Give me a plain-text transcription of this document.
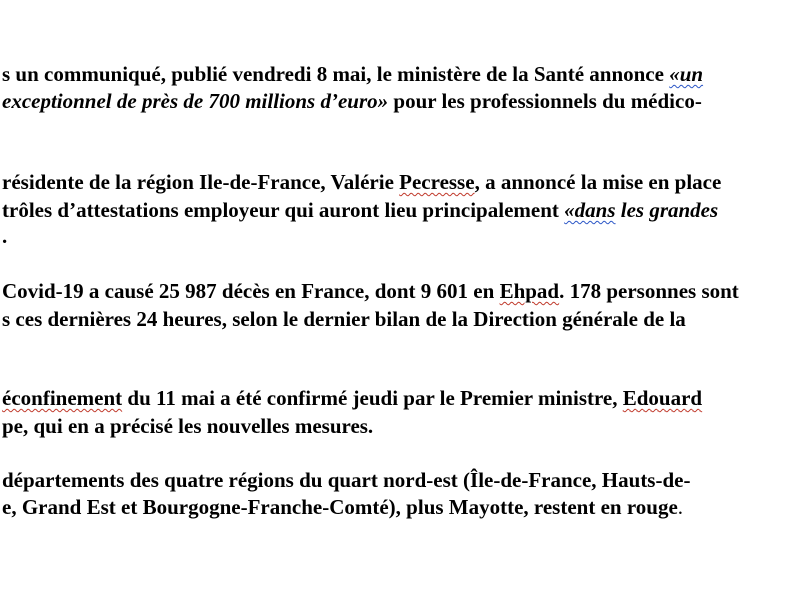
s un communiqué, publié vendredi 8 mai, le ministère de la Santé annonce «un
exceptionnel de près de 700 millions d’euro» pour les professionnels du médico-
résidente de la région Ile-de-France, Valérie Pecresse, a annoncé la mise en place
trôles d’attestations employeur qui auront lieu principalement «dans les grandes
.
Covid-19 a causé 25 987 décès en France, dont 9 601 en Ehpad. 178 personnes sont
s ces dernières 24 heures, selon le dernier bilan de la Direction générale de la
éconfinement du 11 mai a été confirmé jeudi par le Premier ministre, Edouard
pe, qui en a précisé les nouvelles mesures.
départements des quatre régions du quart nord-est (Île-de-France, Hauts-de-
e, Grand Est et Bourgogne-Franche-Comté), plus Mayotte, restent en rouge.
